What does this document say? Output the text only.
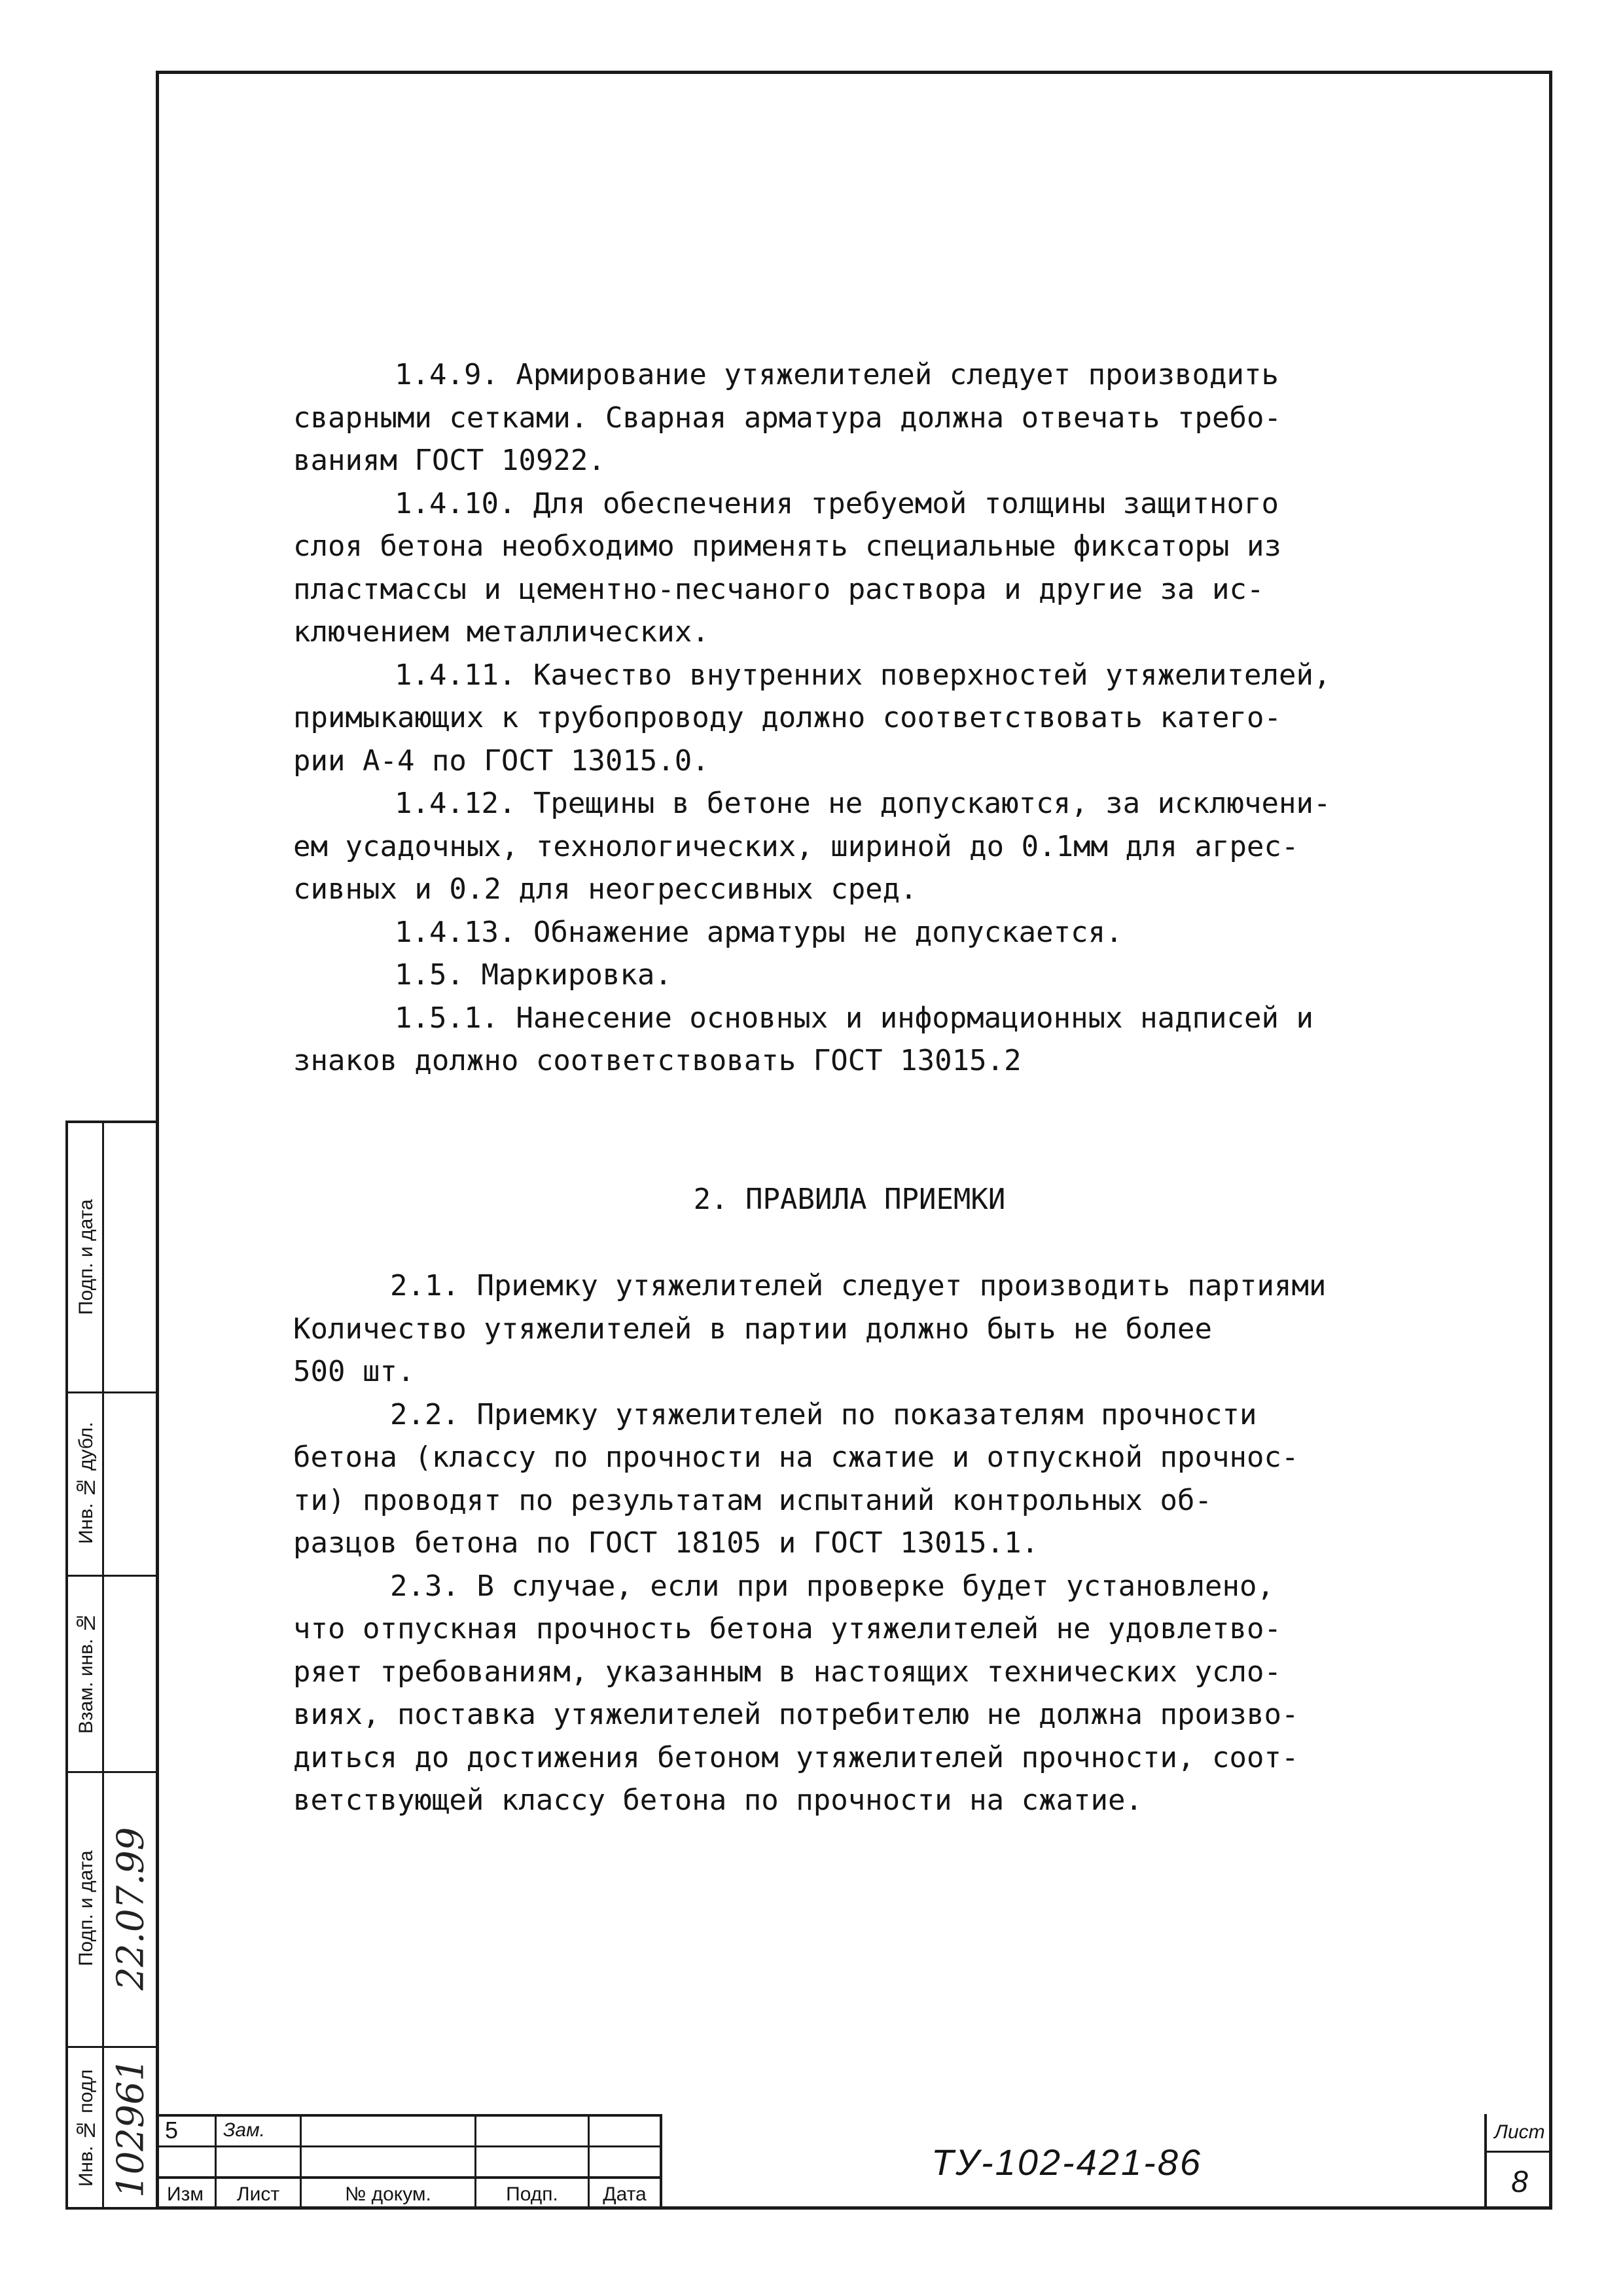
1.4.9. Армирование утяжелителей следует производить
сварными сетками. Сварная арматура должна отвечать требо-
ваниям ГОСТ 10922.

1.4.10. Для обеспечения требуемой толщины защитного
слоя бетона необходимо применять специальные фиксаторы из
пластмассы и цементно-песчаного раствора и другие за ис-
ключением металлических.

1.4.11. Качество внутренних поверхностей утяжелителей,
примыкающих к трубопроводу должно соответствовать катего-
рии А-4 по ГОСТ 13015.0.

1.4.12. Трещины в бетоне не допускаются, за исключени-
ем усадочных, технологических, шириной до 0.1мм для агрес-
сивных и 0.2 для неогрессивных сред.

1.4.13. Обнажение арматуры не допускается.

1.5. Маркировка.

1.5.1. Нанесение основных и информационных надписей и
знаков должно соответствовать ГОСТ 13015.2

2. ПРАВИЛА ПРИЕМКИ

2.1. Приемку утяжелителей следует производить партиями
Количество утяжелителей в партии должно быть не более
500 шт.

2.2. Приемку утяжелителей по показателям прочности
бетона (классу по прочности на сжатие и отпускной прочнос-
ти) проводят по результатам испытаний контрольных об-
разцов бетона по ГОСТ 18105 и ГОСТ 13015.1.

2.3. В случае, если при проверке будет установлено,
что отпускная прочность бетона утяжелителей не удовлетво-
ряет требованиям, указанным в настоящих технических усло-
виях, поставка утяжелителей потребителю не должна произво-
диться до достижения бетоном утяжелителей прочности, соот-
ветствующей классу бетона по прочности на сжатие.

Подп. и дата
Инв. № дубл.
Взам. инв. №
Подп. и дата
Инв. № подл
22.07.99
102961 5	Зам.
Изм	Лист	№ докум.	Подп.	Дата
Лист
8
ТУ-102-421-86
